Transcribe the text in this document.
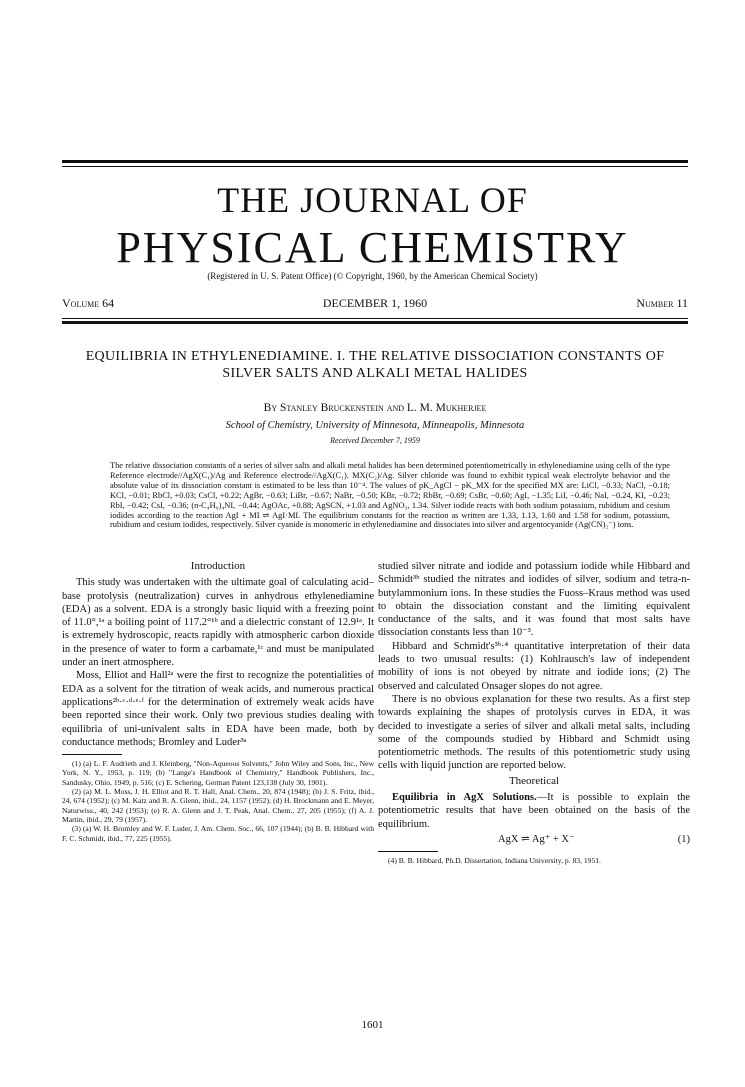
THE JOURNAL OF
PHYSICAL CHEMISTRY
(Registered in U. S. Patent Office) (© Copyright, 1960, by the American Chemical Society)
Volume 64	DECEMBER 1, 1960	Number 11
EQUILIBRIA IN ETHYLENEDIAMINE. I. THE RELATIVE DISSOCIATION CONSTANTS OF SILVER SALTS AND ALKALI METAL HALIDES
By Stanley Bruckenstein and L. M. Mukherjee
School of Chemistry, University of Minnesota, Minneapolis, Minnesota
Received December 7, 1959
The relative dissociation constants of a series of silver salts and alkali metal halides has been determined potentiometrically in ethylenediamine using cells of the type Reference electrode//AgX(C₁)/Ag and Reference electrode//AgX(C₁). MX(C₂)/Ag. Silver chloride was found to exhibit typical weak electrolyte behavior and the absolute value of its dissociation constant is estimated to be less than 10⁻⁴. The values of pK_AgCl − pK_MX for the specified MX are: LiCl, −0.33; NaCl, −0.18; KCl, −0.01; RbCl, +0.03; CsCl, +0.22; AgBr, −0.63; LiBr, −0.67; NaBr, −0.50; KBr, −0.72; RbBr, −0.69; CsBr, −0.60; AgI, −1.35; LiI, −0.46; NaI, −0.24, KI, −0.23; RbI, −0.42; CsI, −0.36; (n-C₄H₉)₄NI, −0.44; AgOAc, +0.88; AgSCN, +1.03 and AgNO₃, 1.34. Silver iodide reacts with both sodium potassium, rubidium and cesium iodides according to the reaction AgI + MI ⇌ AgI·MI. The equilibrium constants for the reaction as written are 1.33, 1.13, 1.60 and 1.58 for sodium, potassium, rubidium and cesium iodides, respectively. Silver cyanide is monomeric in ethylenediamine and dissociates into silver and argentocyanide (Ag(CN)₂⁻) ions.
Introduction

This study was undertaken with the ultimate goal of calculating acid–base protolysis (neutralization) curves in anhydrous ethylenediamine (EDA) as a solvent. EDA is a strongly basic liquid with a freezing point of 11.0°,¹ᵃ a boiling point of 117.2°¹ᵇ and a dielectric constant of 12.9¹ᵃ. It is extremely hydroscopic, reacts rapidly with atmospheric carbon dioxide in the presence of water to form a carbamate,¹ᶜ and must be manipulated under an inert atmosphere.

Moss, Elliot and Hall²ᵃ were the first to recognize the potentialities of EDA as a solvent for the titration of weak acids, and numerous practical applications²ᵇ·ᶜ·ᵈ·ᵉ·ᶠ for the determination of extremely weak acids have been reported since their work. Only two previous studies dealing with equilibria of uni-univalent salts in EDA have been made, both by conductance methods; Bromley and Luder³ᵃ

(1) (a) L. F. Audrieth and J. Kleinberg, "Non-Aqueous Solvents," John Wiley and Sons, Inc., New York, N. Y., 1953, p. 119; (b) "Lange's Handbook of Chemistry," Handbook Publishers, Inc., Sandusky, Ohio, 1949, p. 516; (c) E. Schering, German Patent 123,138 (July 30, 1901).

(2) (a) M. L. Moss, J. H. Elliot and R. T. Hall, Anal. Chem., 20, 874 (1948); (b) J. S. Fritz, ibid., 24, 674 (1952); (c) M. Katz and R. A. Glenn, ibid., 24, 1157 (1952); (d) H. Brockmann and E. Meyer, Naturwiss., 40, 242 (1953); (e) R. A. Glenn and J. T. Peak, Anal. Chem., 27, 205 (1955); (f) A. J. Martin, ibid., 29, 79 (1957).

(3) (a) W. H. Bromley and W. F. Luder, J. Am. Chem. Soc., 66, 107 (1944); (b) B. B. Hibbard with F. C. Schmidt, ibid., 77, 225 (1955).

studied silver nitrate and iodide and potassium iodide while Hibbard and Schmidt³ᵇ studied the nitrates and iodides of silver, sodium and tetra-n-butylammonium ions. In these studies the Fuoss–Kraus method was used to obtain the dissociation constant and the limiting equivalent conductance of the salts, and it was found that most salts have dissociation constants less than 10⁻³.

Hibbard and Schmidt's³ᵇ·⁴ quantitative interpretation of their data leads to two unusual results: (1) Kohlrausch's law of independent mobility of ions is not obeyed by nitrate and iodide ions; (2) The observed and calculated Onsager slopes do not agree.

There is no obvious explanation for these two results. As a first step towards explaining the shapes of protolysis curves in EDA, it was decided to investigate a series of silver and alkali metal salts, including some of the compounds studied by Hibbard and Schmidt using potentiometric methods. The results of this potentiometric study using cells with liquid junction are reported below.

Theoretical

Equilibria in AgX Solutions.—It is possible to explain the potentiometric results that have been obtained on the basis of the equilibrium.

AgX ⇌ Ag⁺ + X⁻	(1)

(4) B. B. Hibbard, Ph.D. Dissertation, Indiana University, p. 83, 1951.

1601
